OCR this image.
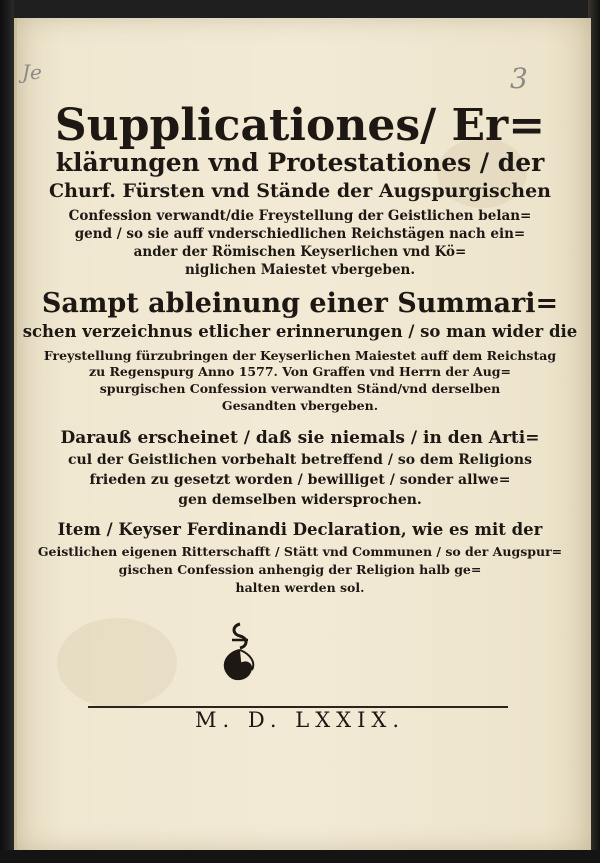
Je	3
Supplicationes/ Er=
klärungen vnd Protestationes / der
Churf. Fürsten vnd Stände der Augspurgischen
Confession verwandt/die Freystellung der Geistlichen belan=
gend / so sie auff vnderschiedlichen Reichstägen nach ein=
ander der Römischen Keyserlichen vnd Kö=
niglichen Maiestet vbergeben.
Sampt ableinung einer Summari=
schen verzeichnus etlicher erinnerungen / so man wider die
Freystellung fürzubringen der Keyserlichen Maiestet auff dem Reichstag
zu Regenspurg Anno 1577. Von Graffen vnd Herrn der Aug=
spurgischen Confession verwandten Ständ/vnd derselben
Gesandten vbergeben.
Darauß erscheinet / daß sie niemals / in den Arti=
cul der Geistlichen vorbehalt betreffend / so dem Religions
frieden zu gesetzt worden / bewilliget / sonder allwe=
gen demselben widersprochen.
Item / Keyser Ferdinandi Declaration, wie es mit der
Geistlichen eigenen Ritterschafft / Stätt vnd Communen / so der Augspur=
gischen Confession anhengig der Religion halb ge=
halten werden sol.
M. D. LXXIX.
